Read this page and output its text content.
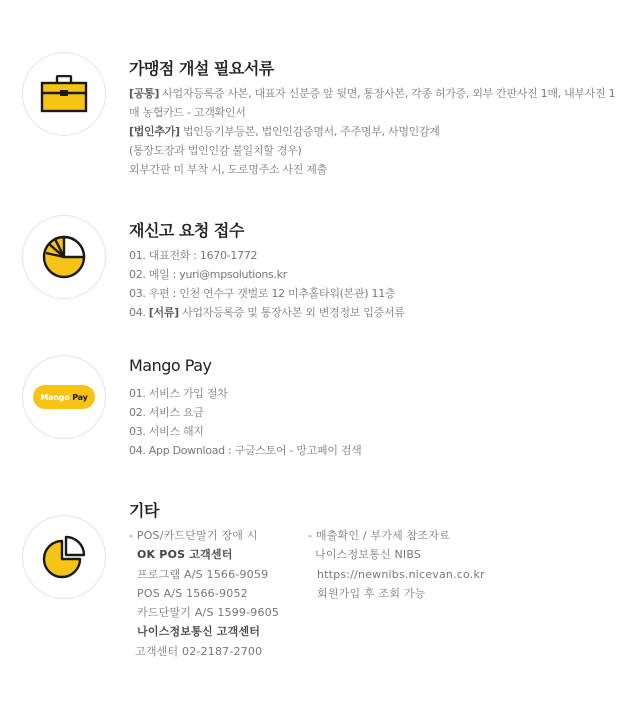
가맹점 개설 필요서류
[공통] 사업자등록증 사본, 대표자 신분증 앞 뒷면, 통장사본, 각종 허가증, 외부 간판사진 1매, 내부사진 1매 농협카드 - 고객확인서
[법인추가] 법인등기부등본, 법인인감증명서, 주주명부, 사명인감계
(통장도장과 법인인감 불일치할 경우)
외부간판 미 부착 시, 도로명주소 사진 제출
재신고 요청 접수
01. 대표전화 : 1670-1772
02. 메일 : yuri@mpsolutions.kr
03. 우편 : 인천 연수구 갯벌로 12 미추홀타워(본관) 11층
04. [서류] 사업자등록증 및 통장사본 외 변경정보 입증서류
Mango
Pay
Mango Pay
01. 서비스 가입 절차
02. 서비스 요금
03. 서비스 해지
04. App Download : 구글스토어 - 망고페이 검색
기타
- POS/카드단말기 장애 시
OK POS 고객센터
프로그램 A/S 1566-9059
POS A/S 1566-9052
카드단말기 A/S 1599-9605
나이스정보통신 고객센터
고객센터 02-2187-2700
- 매출확인 / 부가세 참조자료
나이스정보통신 NIBS
https://newnibs.nicevan.co.kr
회원가입 후 조회 가능
